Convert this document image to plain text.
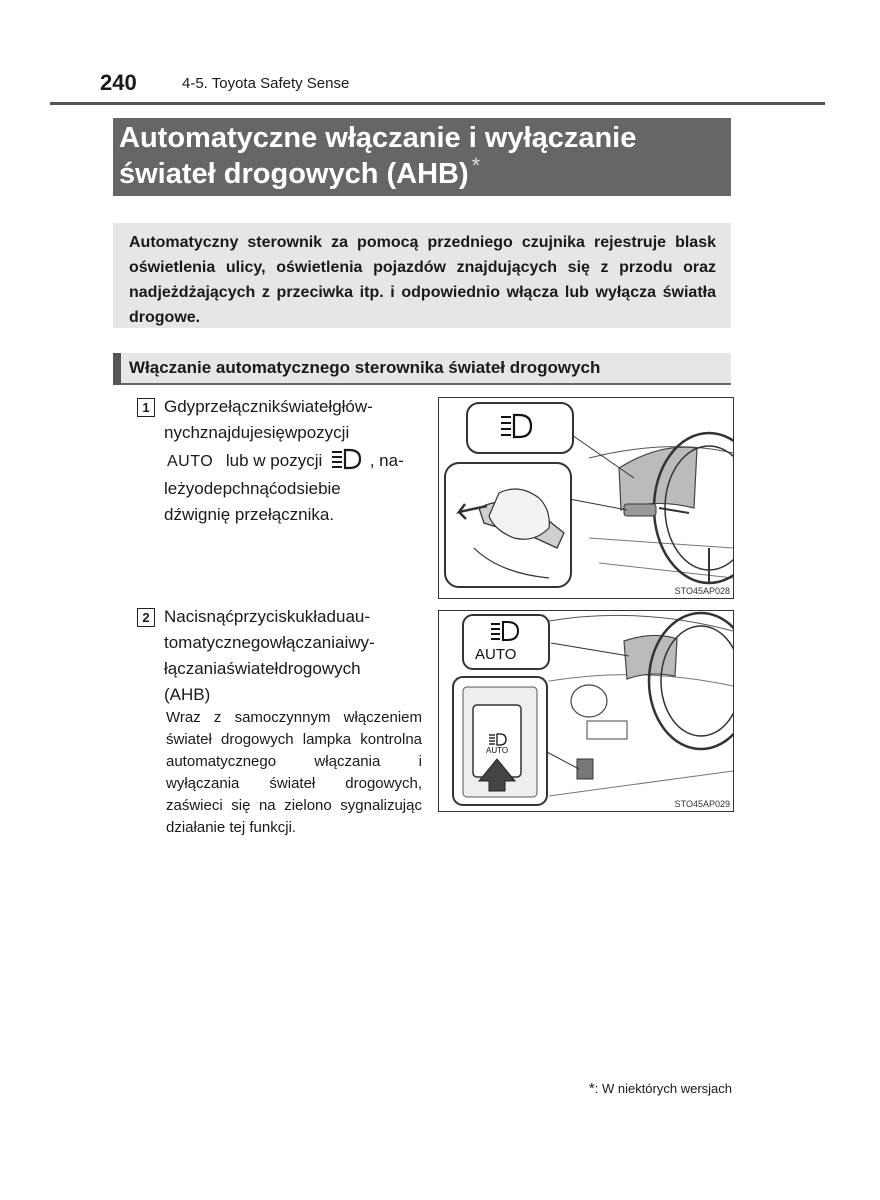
240	4-5. Toyota Safety Sense
Automatyczne włączanie i wyłączanie
świateł drogowych (AHB) *
Automatyczny sterownik za pomocą przedniego czujnika rejestruje blask oświetlenia ulicy, oświetlenia pojazdów znajdujących się z przodu oraz nadjeżdżających z przeciwka itp. i odpowiednio włącza lub wyłącza światła drogowe.
Włączanie automatycznego sterownika świateł drogowych
1 Gdyprzełącznikświatełgłów-
nychznajdujesięwpozycji
AUTO lub w pozycji	, na-
leżyodepchnąćodsiebie
dźwignię przełącznika.
STO45AP028
2 Nacisnąćprzyciskukładuau-
tomatycznegowłączaniaiwy-
łączaniaświatełdrogowych
(AHB)
Wraz z samoczynnym włączeniem świateł drogowych lampka kontrolna automatycznego włączania i wyłączania świateł drogowych, zaświeci się na zielono sygnalizując działanie tej funkcji.
AUTO
AUTO
STO45AP029
*: W niektórych wersjach
